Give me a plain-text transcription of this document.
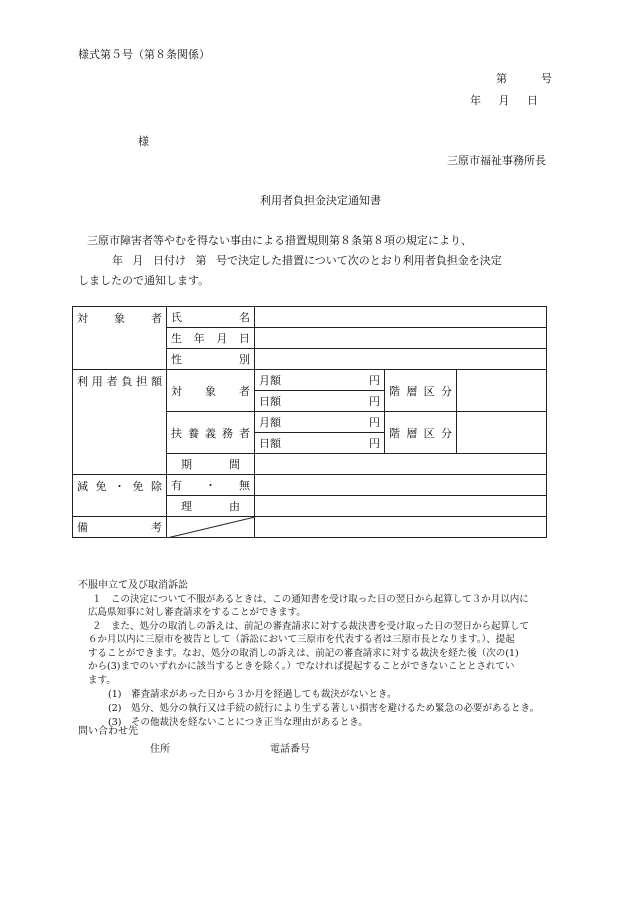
様式第５号（第８条関係）
第	号
年 月 日
様
三原市福祉事務所長
利用者負担金決定通知書
三原市障害者等やむを得ない事由による措置規則第８条第８項の規定により、
年 月 日付け 第 号で決定した措置について次のとおり利用者負担金を決定
しましたので通知します。
対象者	氏名			

	生年月日			

	性別			

利用者負担額	対象者	月額 円	階層区分	

		日額 円		

	扶養義務者	月額 円	階層区分	

		日額 円		

	期間			

減免・免除	有 ・ 無			

	理由			

備考

不服申立て及び取消訴訟
１　この決定について不服があるときは、この通知書を受け取った日の翌日から起算して３か月以内に
広島県知事に対し審査請求をすることができます。
２　また、処分の取消しの訴えは、前記の審査請求に対する裁決書を受け取った日の翌日から起算して
６か月以内に三原市を被告として（訴訟において三原市を代表する者は三原市長となります。）、提起
することができます。なお、処分の取消しの訴えは、前記の審査請求に対する裁決を経た後（次の(1)
から(3)までのいずれかに該当するときを除く。）でなければ提起することができないこととされてい
ます。
(1)　審査請求があった日から３か月を経過しても裁決がないとき。
(2)　処分、処分の執行又は手続の続行により生ずる著しい損害を避けるため緊急の必要があるとき。
(3)　その他裁決を経ないことにつき正当な理由があるとき。
問い合わせ先
住所	電話番号
